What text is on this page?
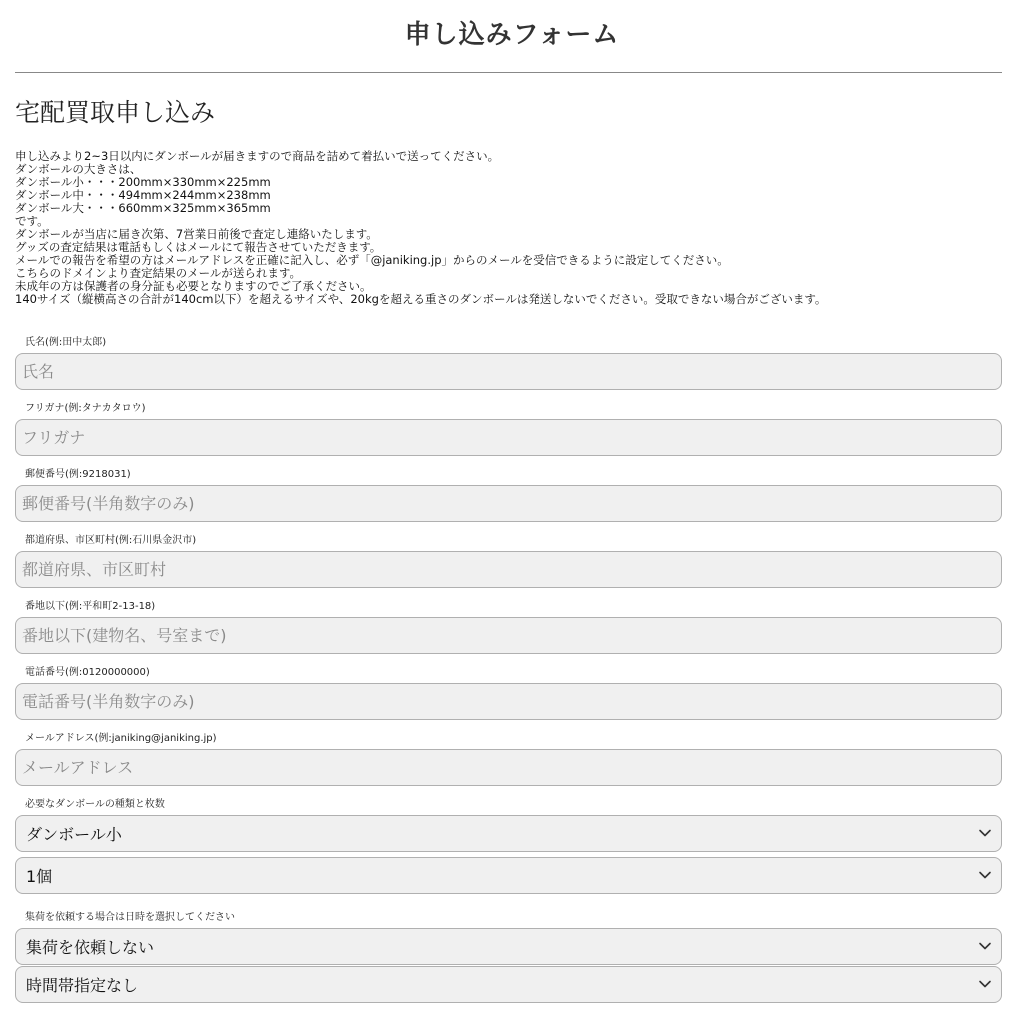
申し込みフォーム
宅配買取申し込み
申し込みより2~3日以内にダンボールが届きますので商品を詰めて着払いで送ってください。
ダンボールの大きさは、
ダンボール小・・・200mm×330mm×225mm
ダンボール中・・・494mm×244mm×238mm
ダンボール大・・・660mm×325mm×365mm
です。
ダンボールが当店に届き次第、7営業日前後で査定し連絡いたします。
グッズの査定結果は電話もしくはメールにて報告させていただきます。
メールでの報告を希望の方はメールアドレスを正確に記入し、必ず「@janiking.jp」からのメールを受信できるように設定してください。
こちらのドメインより査定結果のメールが送られます。
未成年の方は保護者の身分証も必要となりますのでご了承ください。
140サイズ（縦横高さの合計が140cm以下）を超えるサイズや、20kgを超える重さのダンボールは発送しないでください。受取できない場合がございます。
氏名(例:田中太郎)
氏名
フリガナ(例:タナカタロウ)
フリガナ
郵便番号(例:9218031)
郵便番号(半角数字のみ)
都道府県、市区町村(例:石川県金沢市)
都道府県、市区町村
番地以下(例:平和町2-13-18)
番地以下(建物名、号室まで)
電話番号(例:0120000000)
電話番号(半角数字のみ)
メールアドレス(例:janiking@janiking.jp)
メールアドレス
必要なダンボールの種類と枚数
ダンボール小
1個
集荷を依頼する場合は日時を選択してください
集荷を依頼しない
時間帯指定なし
